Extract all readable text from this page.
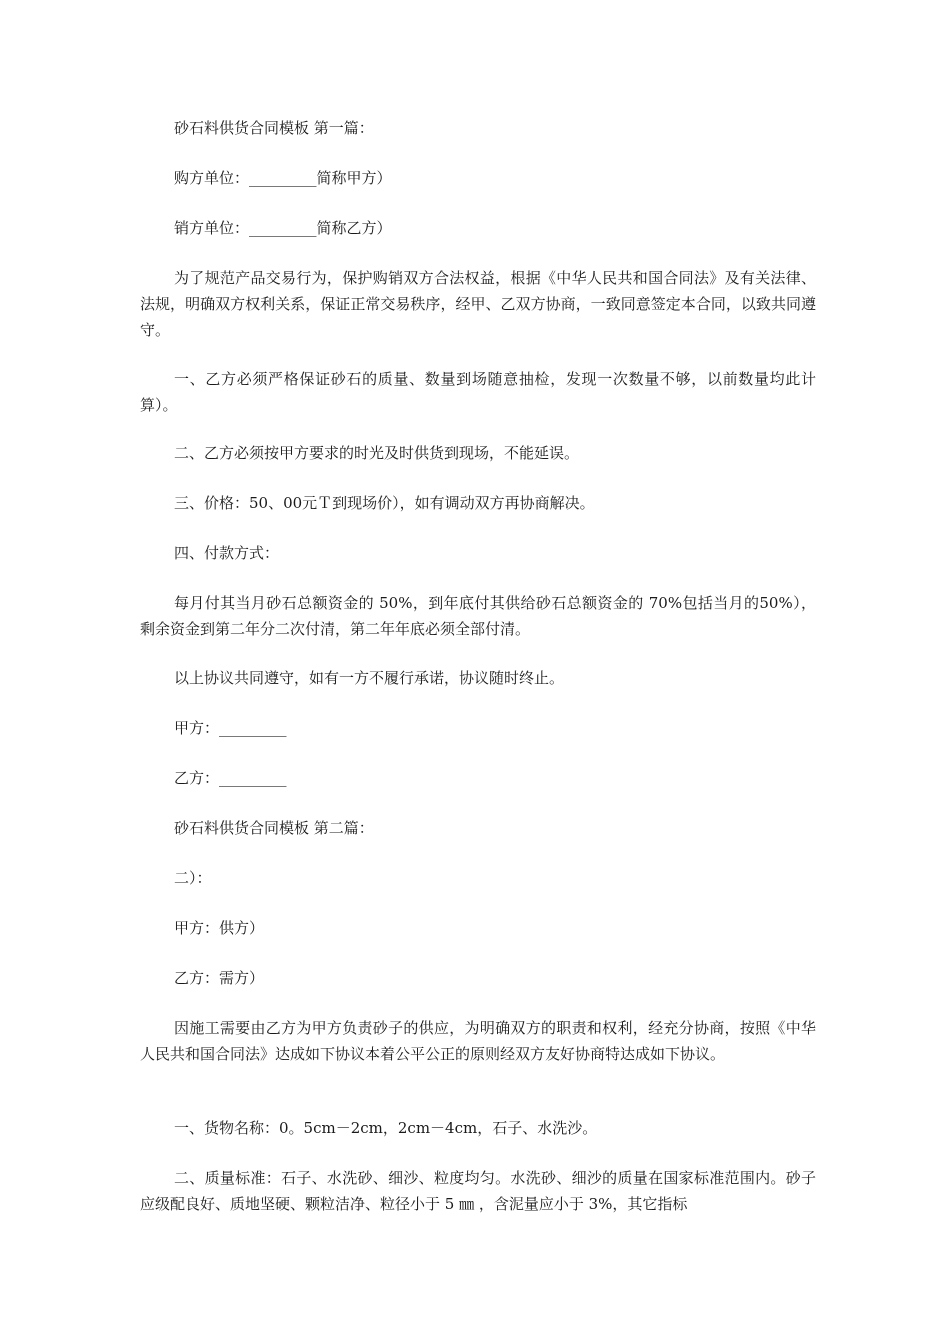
砂石料供货合同模板 第一篇：

购方单位：_________简称甲方）

销方单位：_________简称乙方）

为了规范产品交易行为，保护购销双方合法权益，根据《中华人民共和国合同法》及有关法律、法规，明确双方权利关系，保证正常交易秩序，经甲、乙双方协商，一致同意签定本合同，以致共同遵守。

一、乙方必须严格保证砂石的质量、数量到场随意抽检，发现一次数量不够，以前数量均此计算）。

二、乙方必须按甲方要求的时光及时供货到现场，不能延误。

三、价格：50、00元Ｔ到现场价），如有调动双方再协商解决。

四、付款方式：

每月付其当月砂石总额资金的 50%，到年底付其供给砂石总额资金的 70%包括当月的50%），剩余资金到第二年分二次付清，第二年年底必须全部付清。

以上协议共同遵守，如有一方不履行承诺，协议随时终止。

甲方：_________

乙方：_________

砂石料供货合同模板 第二篇：

二）：

甲方：供方）

乙方：需方）

因施工需要由乙方为甲方负责砂子的供应，为明确双方的职责和权利，经充分协商，按照《中华人民共和国合同法》达成如下协议本着公平公正的原则经双方友好协商特达成如下协议。

一、货物名称：0。5cm－2cm，2cm－4cm，石子、水洗沙。

二、质量标准：石子、水洗砂、细沙、粒度均匀。水洗砂、细沙的质量在国家标准范围内。砂子应级配良好、质地坚硬、颗粒洁净、粒径小于 5 ㎜ ，含泥量应小于 3%，其它指标
